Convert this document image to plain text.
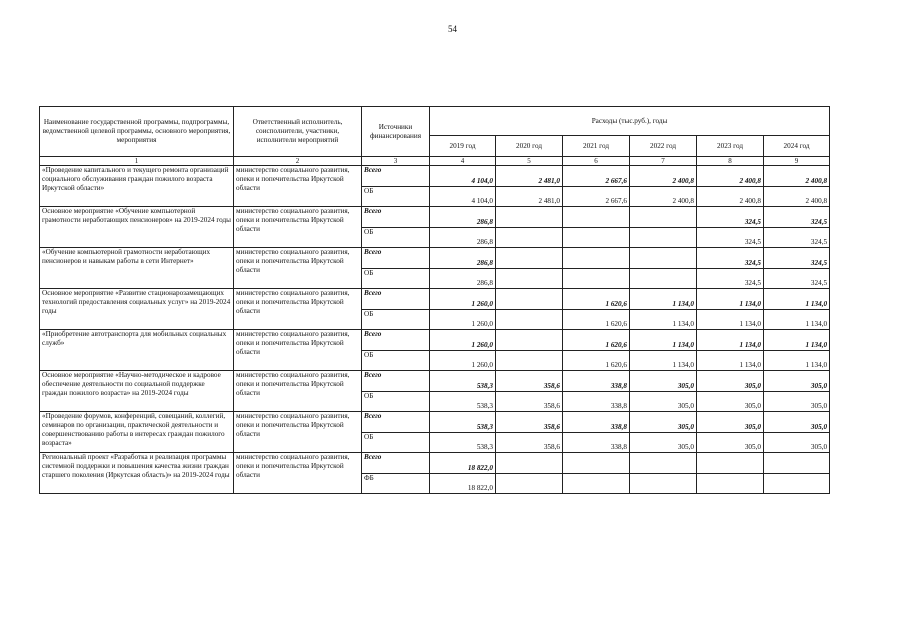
54
Наименование государственной программы, подпрограммы, ведомственной целевой программы, основного мероприятия, мероприятия	Ответственный исполнитель, соисполнители, участники, исполнители мероприятий	Источники финансирования	Расходы (тыс.руб.), годы					
			2019 год	2020 год	2021 год	2022 год	2023 год	2024 год
1	2	3	4	5	6	7	8	9
«Проведение капитального и текущего ремонта организаций социального обслуживания граждан пожилого возраста Иркутской области»	министерство социального развития, опеки и попечительства Иркутской области	Всего	4 104,0	2 481,0	2 667,6	2 400,8	2 400,8	2 400,8
		ОБ	4 104,0	2 481,0	2 667,6	2 400,8	2 400,8	2 400,8
Основное мероприятие «Обучение компьютерной грамотности неработающих пенсионеров» на 2019-2024 годы	министерство социального развития, опеки и попечительства Иркутской области	Всего	286,8				324,5	324,5
		ОБ	286,8				324,5	324,5
«Обучение компьютерной грамотности неработающих пенсионеров и навыкам работы в сети Интернет»	министерство социального развития, опеки и попечительства Иркутской области	Всего	286,8				324,5	324,5
		ОБ	286,8				324,5	324,5
Основное мероприятие «Развитие стационарозамещающих технологий предоставления социальных услуг» на 2019-2024 годы	министерство социального развития, опеки и попечительства Иркутской области	Всего	1 260,0		1 620,6	1 134,0	1 134,0	1 134,0
		ОБ	1 260,0		1 620,6	1 134,0	1 134,0	1 134,0
«Приобретение автотранспорта для мобильных социальных служб»	министерство социального развития, опеки и попечительства Иркутской области	Всего	1 260,0		1 620,6	1 134,0	1 134,0	1 134,0
		ОБ	1 260,0		1 620,6	1 134,0	1 134,0	1 134,0
Основное мероприятие «Научно-методическое и кадровое обеспечение деятельности по социальной поддержке граждан пожилого возраста» на 2019-2024 годы	министерство социального развития, опеки и попечительства Иркутской области	Всего	538,3	358,6	338,8	305,0	305,0	305,0
		ОБ	538,3	358,6	338,8	305,0	305,0	305,0
«Проведение форумов, конференций, совещаний, коллегий, семинаров по организации, практической деятельности и совершенствованию работы в интересах граждан пожилого возраста»	министерство социального развития, опеки и попечительства Иркутской области	Всего	538,3	358,6	338,8	305,0	305,0	305,0
		ОБ	538,3	358,6	338,8	305,0	305,0	305,0
Региональный проект «Разработка и реализация программы системной поддержки и повышения качества жизни граждан старшего поколения (Иркутская область)» на 2019-2024 годы	министерство социального развития, опеки и попечительства Иркутской области	Всего	18 822,0					
		ФБ	18 822,0					
